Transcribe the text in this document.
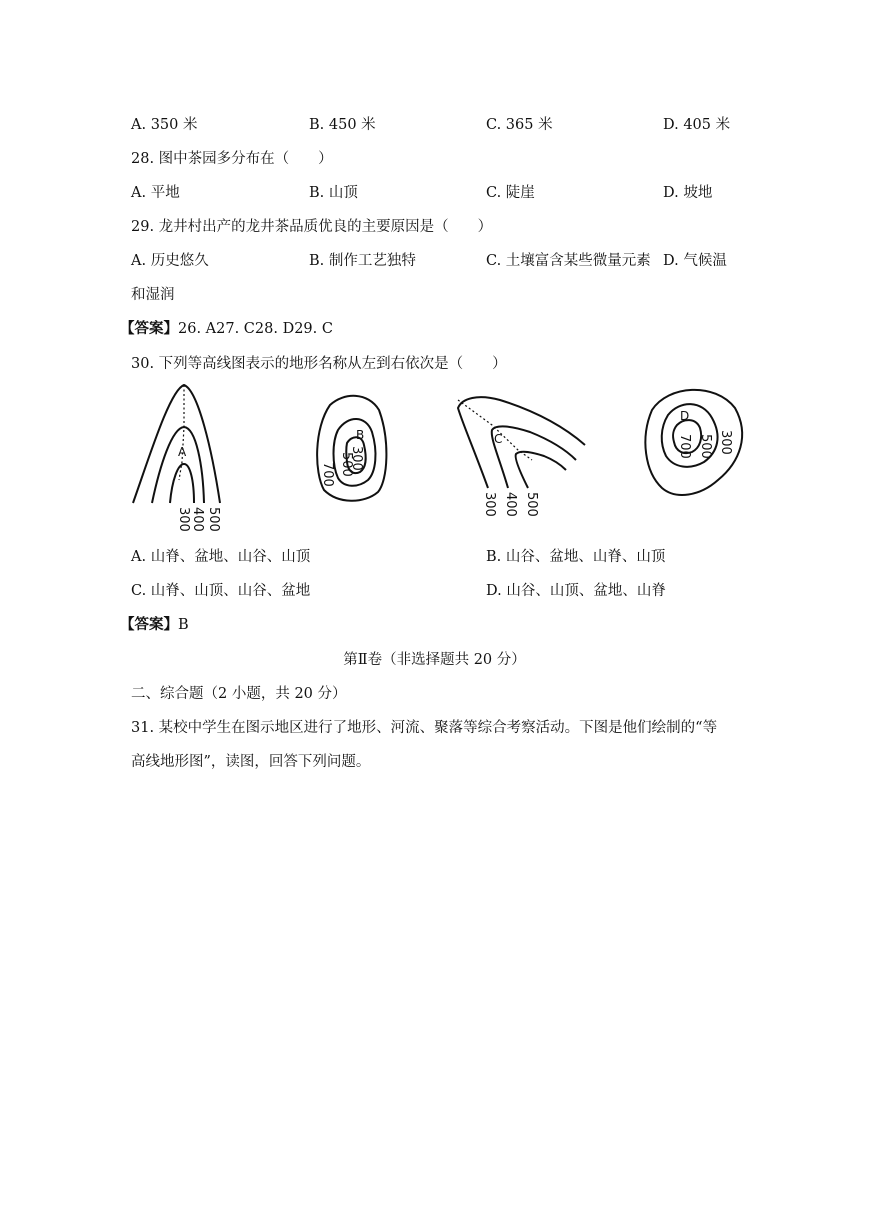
A. 350 米	B. 450 米	C. 365 米	D. 405 米
28. 图中茶园多分布在（　　）
A. 平地	B. 山顶	C. 陡崖	D. 坡地
29. 龙井村出产的龙井茶品质优良的主要原因是（　　）
A. 历史悠久	B. 制作工艺独特	C. 土壤富含某些微量元素 D. 气候温
和湿润
【答案】26. A27. C28. D29. C
30. 下列等高线图表示的地形名称从左到右依次是（　　）
A
500
400
300
B
700 500
300
C
300 400 500
D
700 500 300
A. 山脊、盆地、山谷、山顶	B. 山谷、盆地、山脊、山顶
C. 山脊、山顶、山谷、盆地	D. 山谷、山顶、盆地、山脊
【答案】B
第Ⅱ卷（非选择题共 20 分）
二、综合题（2 小题，共 20 分）
31. 某校中学生在图示地区进行了地形、河流、聚落等综合考察活动。下图是他们绘制的“等
高线地形图”，读图，回答下列问题。
